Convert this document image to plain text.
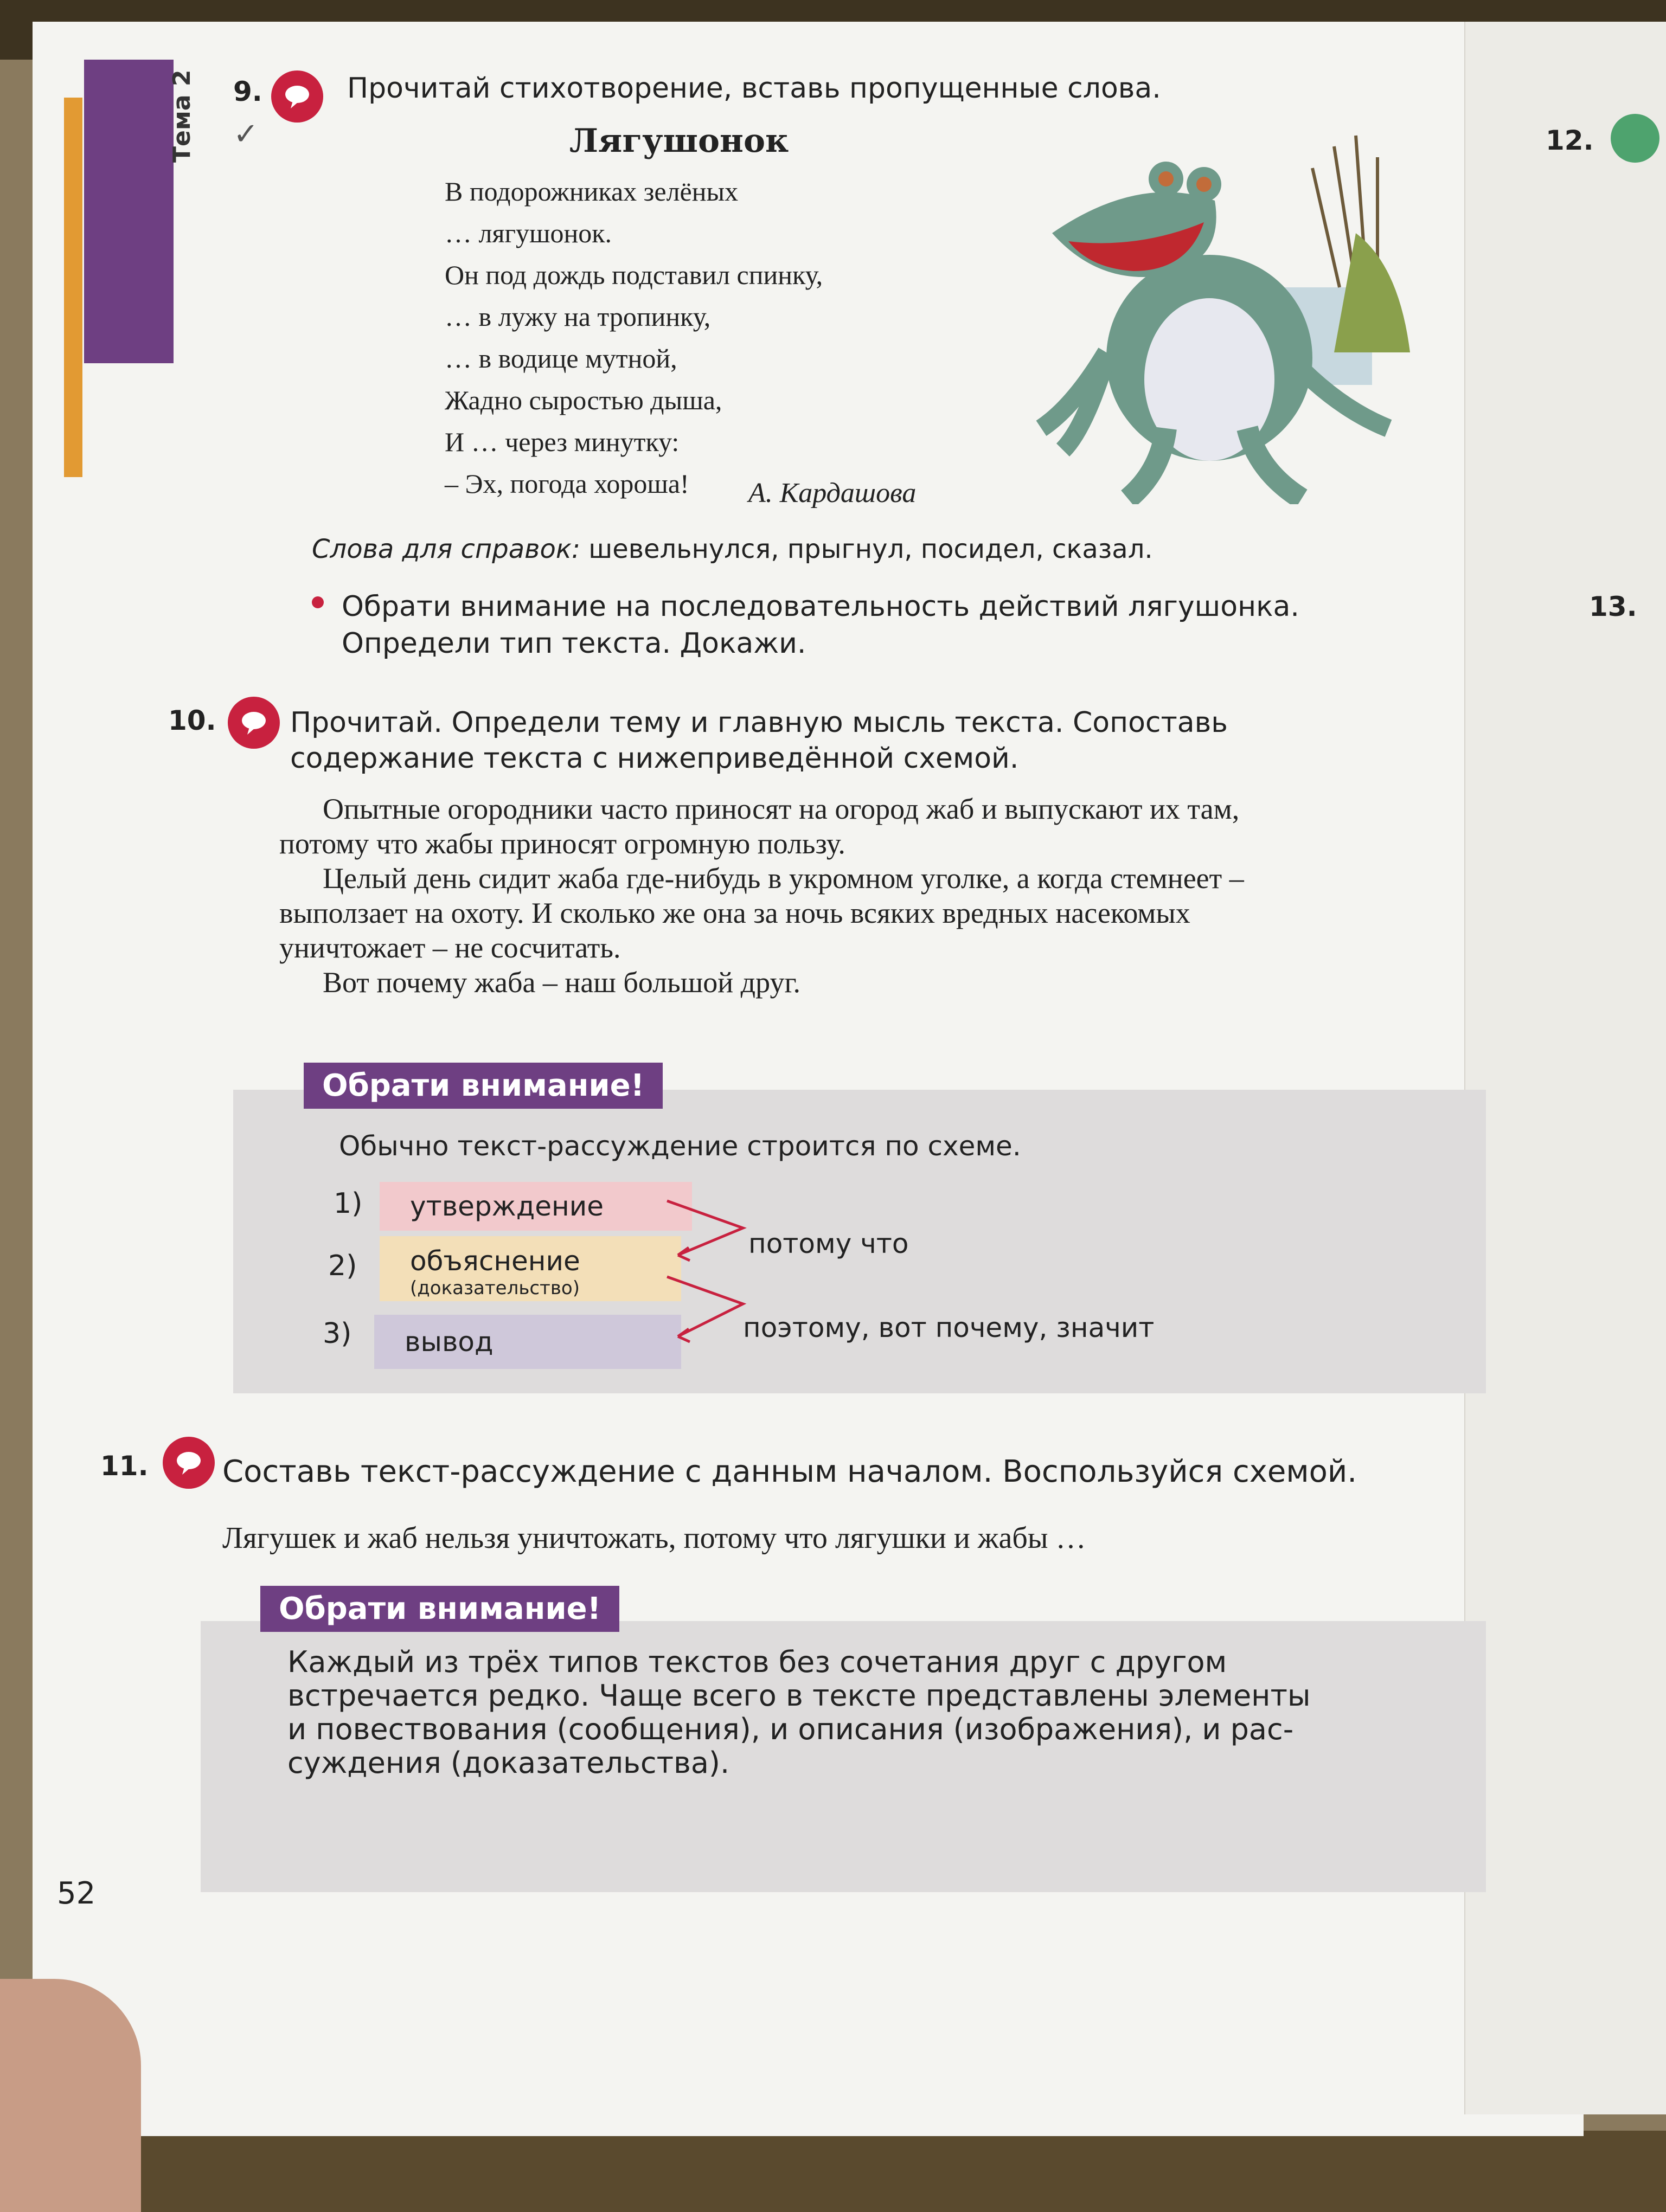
Тема 2 ✓
9.	Прочитай стихотворение, вставь пропущенные слова.
Лягушонок
В подорожниках зелёных
… лягушонок.
Он под дождь подставил спинку,
… в лужу на тропинку,
… в водице мутной,
Жадно сыростью дыша,
И … через минутку:
– Эх, погода хороша!	А. Кардашова
Слова для справок: шевельнулся, прыгнул, посидел, сказал.
Обрати внимание на последовательность действий лягушонка.
Определи тип текста. Докажи.
10.	Прочитай. Определи тему и главную мысль текста. Сопоставь
содержание текста с нижеприведённой схемой.
Опытные огородники часто приносят на огород жаб и выпускают их там,
потому что жабы приносят огромную пользу.
Целый день сидит жаба где-нибудь в укромном уголке, а когда стемнеет –
выползает на охоту. И сколько же она за ночь всяких вредных насекомых
уничтожает – не сосчитать.
Вот почему жаба – наш большой друг.
Обрати внимание!
Обычно текст-рассуждение строится по схеме.
1)	утверждение
2) объяснение
(доказательство)
3)	вывод
потому что
поэтому, вот почему, значит
11. Составь текст-рассуждение с данным началом. Воспользуйся схемой.
Лягушек и жаб нельзя уничтожать, потому что лягушки и жабы …
Обрати внимание!
Каждый из трёх типов текстов без сочетания друг с другом
встречается редко. Чаще всего в тексте представлены элементы
и повествования (сообщения), и описания (изображения), и рас-
суждения (доказательства).
52
12.
13.
